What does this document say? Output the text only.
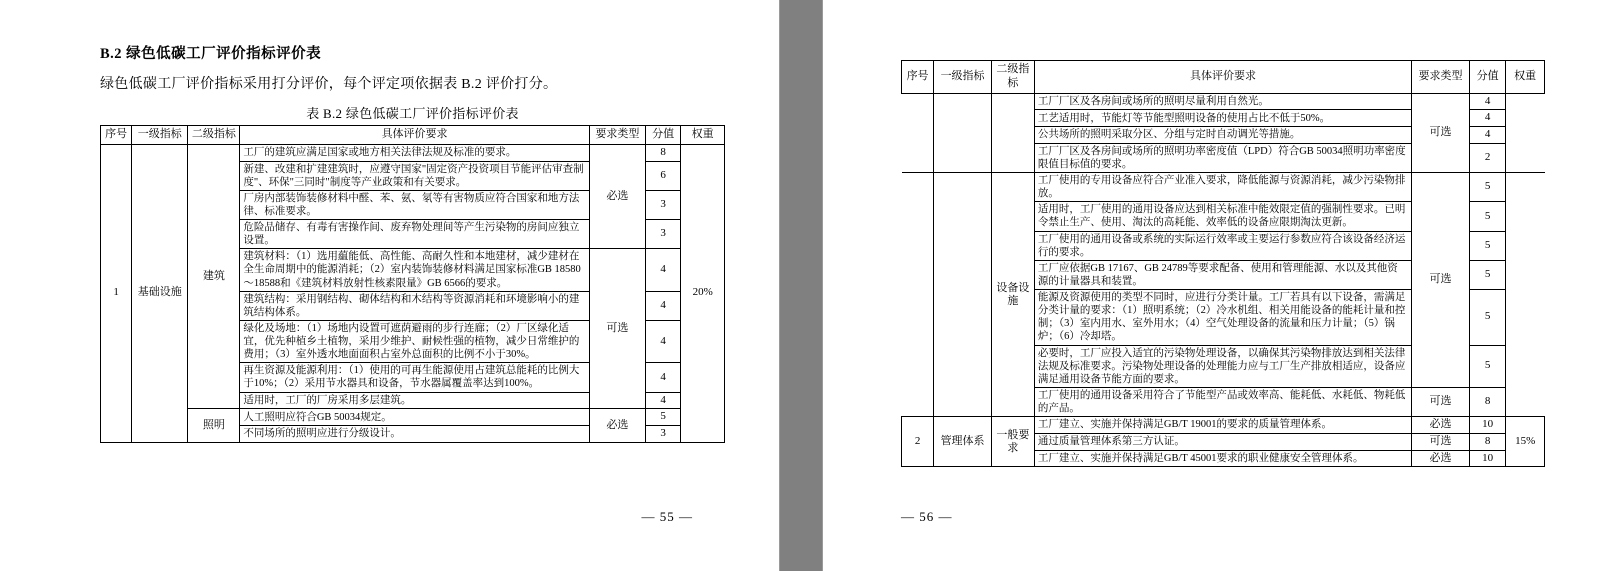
B.2 绿色低碳工厂评价指标评价表

绿色低碳工厂评价指标采用打分评价，每个评定项依据表 B.2 评价打分。

表 B.2 绿色低碳工厂评价指标评价表
序号	一级指标	二级指标	具体评价要求	要求类型	分值	权重
1	基础设施	建筑	工厂的建筑应满足国家或地方相关法律法规及标准的要求。	必选	8	20%
			新建、改建和扩建建筑时，应遵守国家"固定资产投资项目节能评估审查制度"、环保"三同时"制度等产业政策和有关要求。		6	
			厂房内部装饰装修材料中醛、苯、氨、氡等有害物质应符合国家和地方法律、标准要求。		3	
			危险品储存、有毒有害操作间、废弃物处理间等产生污染物的房间应独立设置。		3	
			建筑材料：（1）选用藴能低、高性能、高耐久性和本地建材，减少建材在全生命周期中的能源消耗；（2）室内装饰装修材料满足国家标准GB 18580～18588和《建筑材料放射性核素限量》GB 6566的要求。	可选	4	
			建筑结构：采用钢结构、砌体结构和木结构等资源消耗和环境影响小的建筑结构体系。		4	
			绿化及场地：（1）场地内设置可遮荫避雨的步行连廊；（2）厂区绿化适宜，优先种植乡土植物，采用少维护、耐候性强的植物，减少日常维护的费用；（3）室外透水地面面积占室外总面积的比例不小于30%。		4	
			再生资源及能源利用：（1）使用的可再生能源使用占建筑总能耗的比例大于10%；（2）采用节水器具和设备，节水器属覆盖率达到100%。		4	
			适用时，工厂的厂房采用多层建筑。		4	
		照明	人工照明应符合GB 50034规定。	必选	5	
			不同场所的照明应进行分级设计。		3	
— 55 —
序号	一级指标	二级指标	具体评价要求	要求类型	分值	权重
			工厂厂区及各房间或场所的照明尽量利用自然光。	可选	4	
			工艺适用时，节能灯等节能型照明设备的使用占比不低于50%。		4	
			公共场所的照明采取分区、分组与定时自动调光等措施。		4	
			工厂厂区及各房间或场所的照明功率密度值（LPD）符合GB 50034照明功率密度限值目标值的要求。		2	

		设备设施	工厂使用的专用设备应符合产业准入要求，降低能源与资源消耗，减少污染物排放。	可选	5	
			适用时，工厂使用的通用设备应达到相关标准中能效限定值的强制性要求。已明令禁止生产、使用、淘汰的高耗能、效率低的设备应限期淘汰更新。		5	
			工厂使用的通用设备或系统的实际运行效率或主要运行参数应符合该设备经济运行的要求。		5	
			工厂应依据GB 17167、GB 24789等要求配备、使用和管理能源、水以及其他资源的计量器具和装置。		5	
			能源及资源使用的类型不同时，应进行分类计量。工厂若具有以下设备，需满足分类计量的要求：（1）照明系统；（2）冷水机组、相关用能设备的能耗计量和控制；（3）室内用水、室外用水；（4）空气处理设备的流量和压力计量；（5）锅炉；（6）冷却塔。		5	
			必要时，工厂应投入适宜的污染物处理设备，以确保其污染物排放达到相关法律法规及标准要求。污染物处理设备的处理能力应与工厂生产排放相适应，设备应满足通用设备节能方面的要求。		5	
			工厂使用的通用设备采用符合了节能型产品或效率高、能耗低、水耗低、物耗低的产品。	可选	8	
2	管理体系	一般要求	工厂建立、实施并保持满足GB/T 19001的要求的质量管理体系。	必选	10	15%
			通过质量管理体系第三方认证。	可选	8	
			工厂建立、实施并保持满足GB/T 45001要求的职业健康安全管理体系。	必选	10	
— 56 —
